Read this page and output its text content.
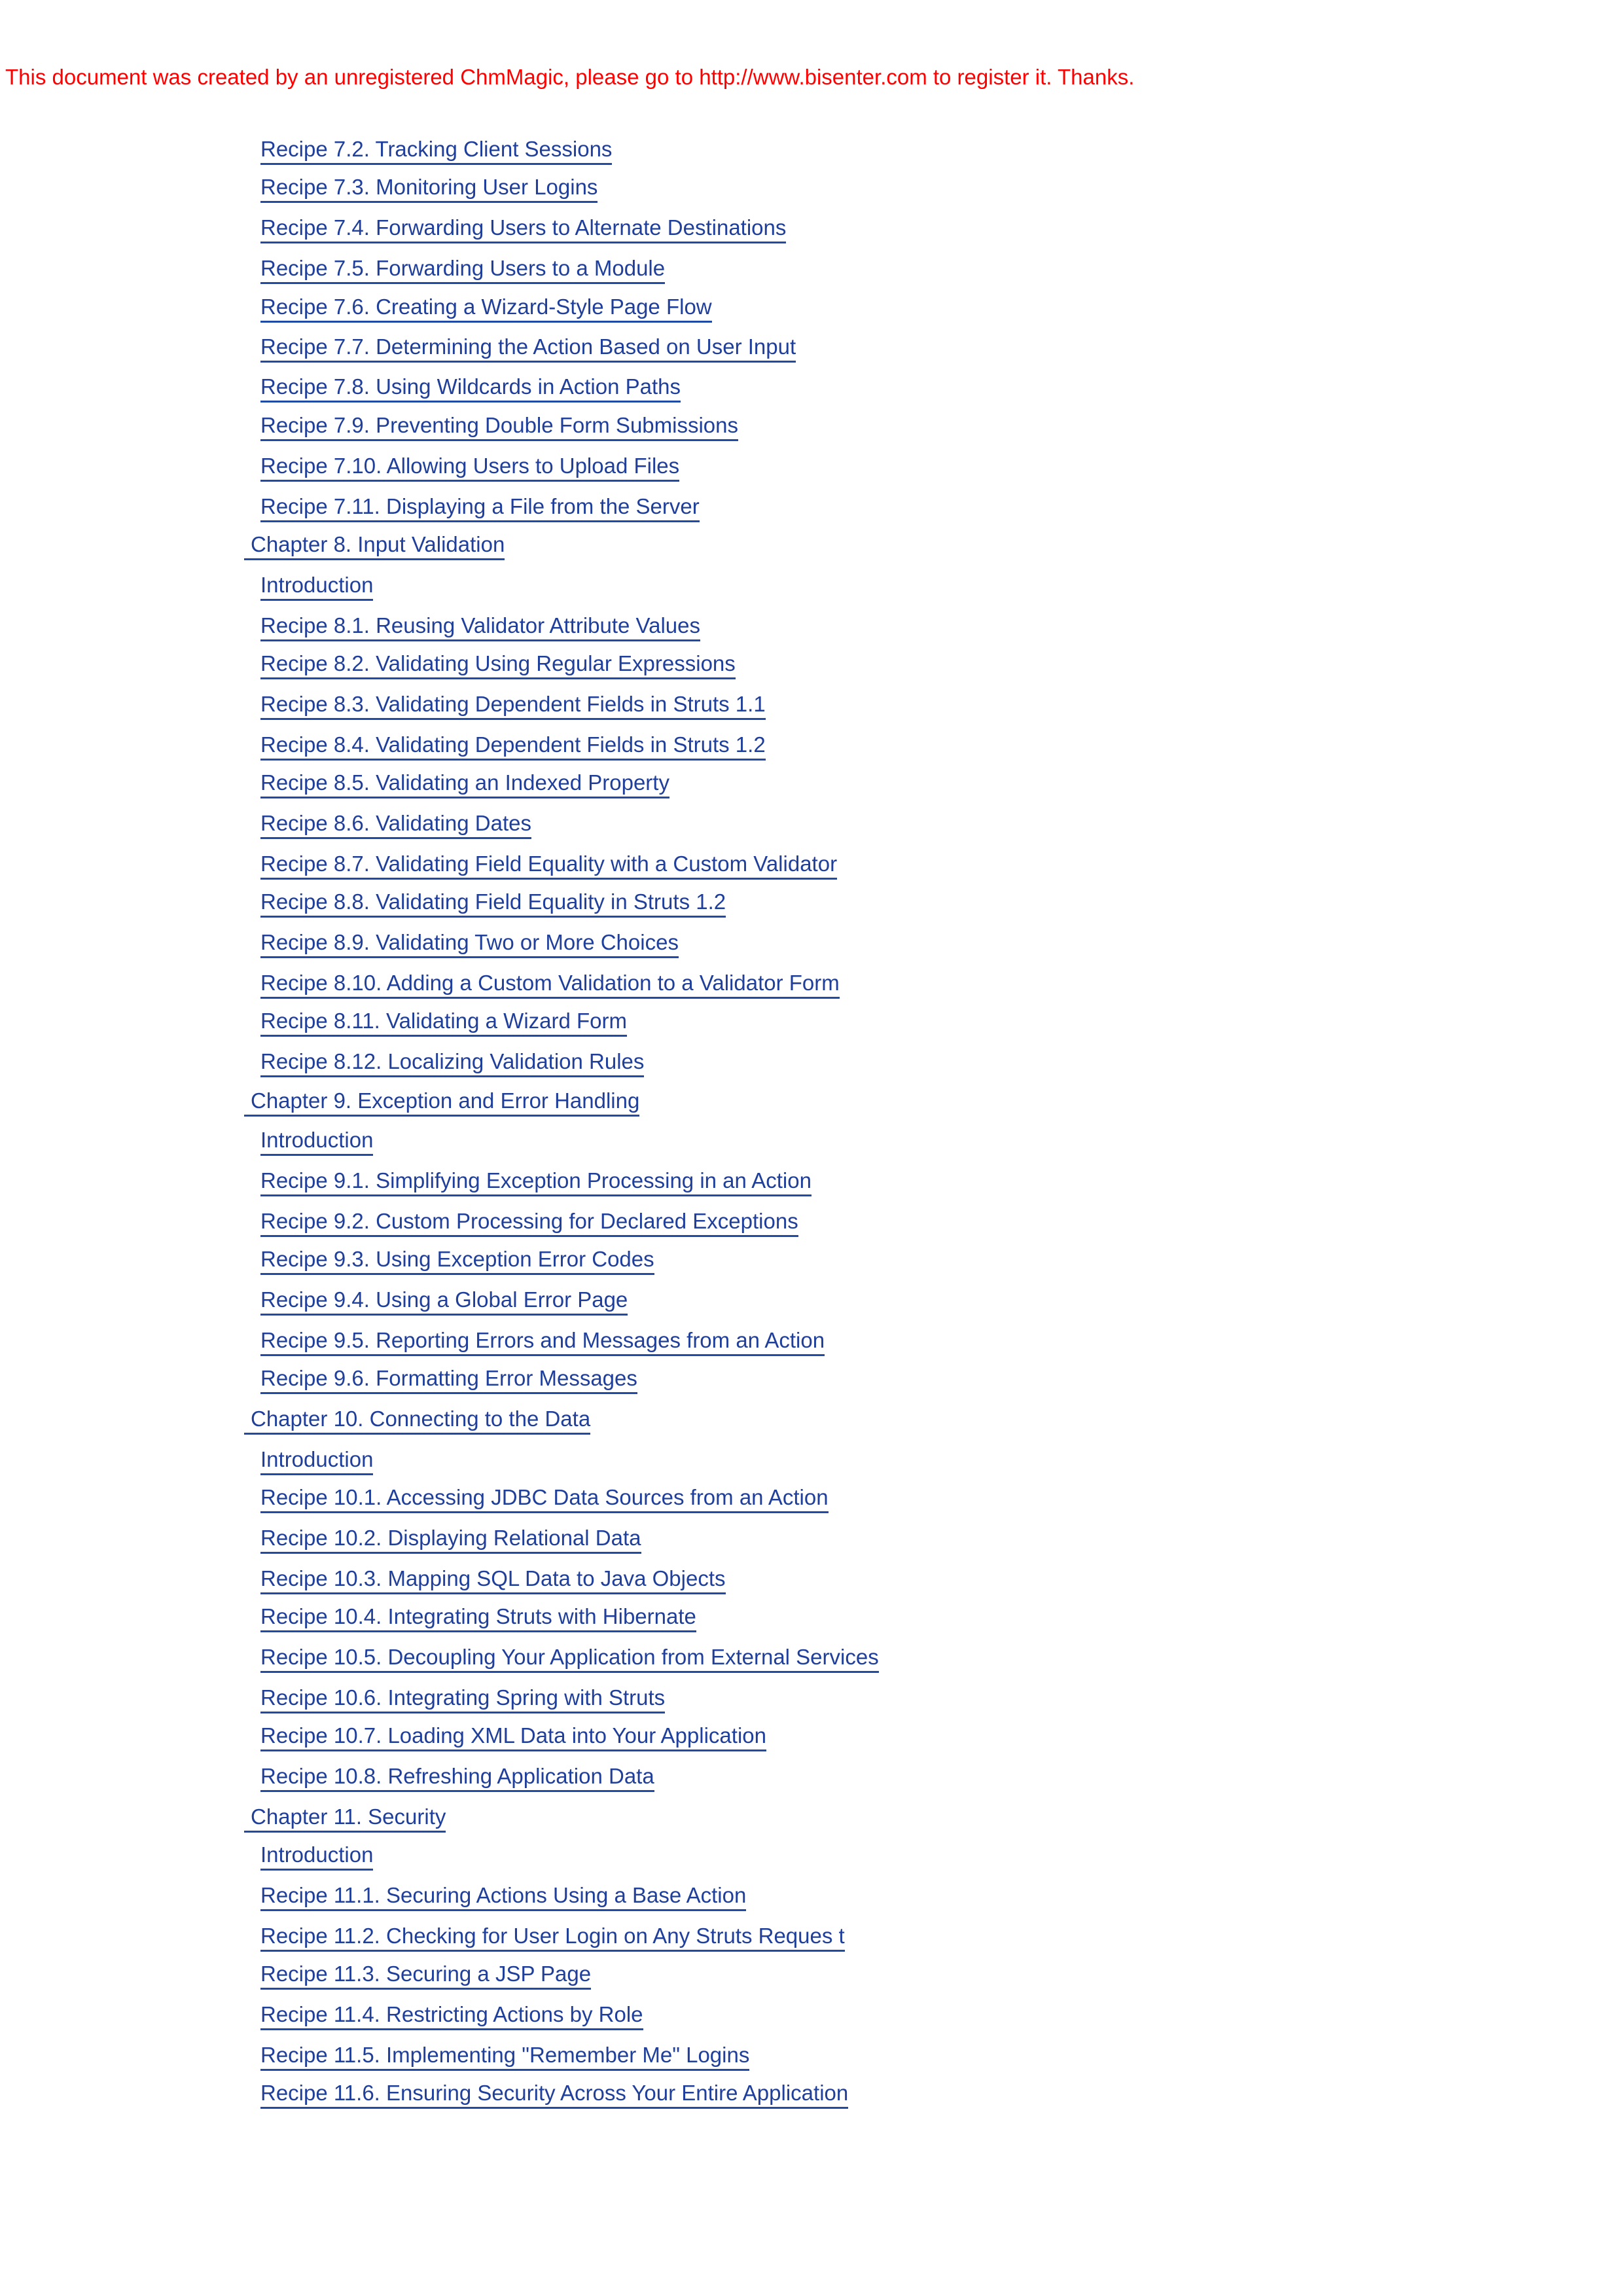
This document was created by an unregistered ChmMagic, please go to http://www.bisenter.com to register it. Thanks.
Recipe 7.2. Tracking Client Sessions
Recipe 7.3. Monitoring User Logins
Recipe 7.4. Forwarding Users to Alternate Destinations
Recipe 7.5. Forwarding Users to a Module
Recipe 7.6. Creating a Wizard-Style Page Flow
Recipe 7.7. Determining the Action Based on User Input
Recipe 7.8. Using Wildcards in Action Paths
Recipe 7.9. Preventing Double Form Submissions
Recipe 7.10. Allowing Users to Upload Files
Recipe 7.11. Displaying a File from the Server
Chapter 8. Input Validation
Introduction
Recipe 8.1. Reusing Validator Attribute Values
Recipe 8.2. Validating Using Regular Expressions
Recipe 8.3. Validating Dependent Fields in Struts 1.1
Recipe 8.4. Validating Dependent Fields in Struts 1.2
Recipe 8.5. Validating an Indexed Property
Recipe 8.6. Validating Dates
Recipe 8.7. Validating Field Equality with a Custom Validator
Recipe 8.8. Validating Field Equality in Struts 1.2
Recipe 8.9. Validating Two or More Choices
Recipe 8.10. Adding a Custom Validation to a Validator Form
Recipe 8.11. Validating a Wizard Form
Recipe 8.12. Localizing Validation Rules
Chapter 9. Exception and Error Handling
Introduction
Recipe 9.1. Simplifying Exception Processing in an Action
Recipe 9.2. Custom Processing for Declared Exceptions
Recipe 9.3. Using Exception Error Codes
Recipe 9.4. Using a Global Error Page
Recipe 9.5. Reporting Errors and Messages from an Action
Recipe 9.6. Formatting Error Messages
Chapter 10. Connecting to the Data
Introduction
Recipe 10.1. Accessing JDBC Data Sources from an Action
Recipe 10.2. Displaying Relational Data
Recipe 10.3. Mapping SQL Data to Java Objects
Recipe 10.4. Integrating Struts with Hibernate
Recipe 10.5. Decoupling Your Application from External Services
Recipe 10.6. Integrating Spring with Struts
Recipe 10.7. Loading XML Data into Your Application
Recipe 10.8. Refreshing Application Data
Chapter 11. Security
Introduction
Recipe 11.1. Securing Actions Using a Base Action
Recipe 11.2. Checking for User Login on Any Struts Reques t
Recipe 11.3. Securing a JSP Page
Recipe 11.4. Restricting Actions by Role
Recipe 11.5. Implementing "Remember Me" Logins
Recipe 11.6. Ensuring Security Across Your Entire Application
